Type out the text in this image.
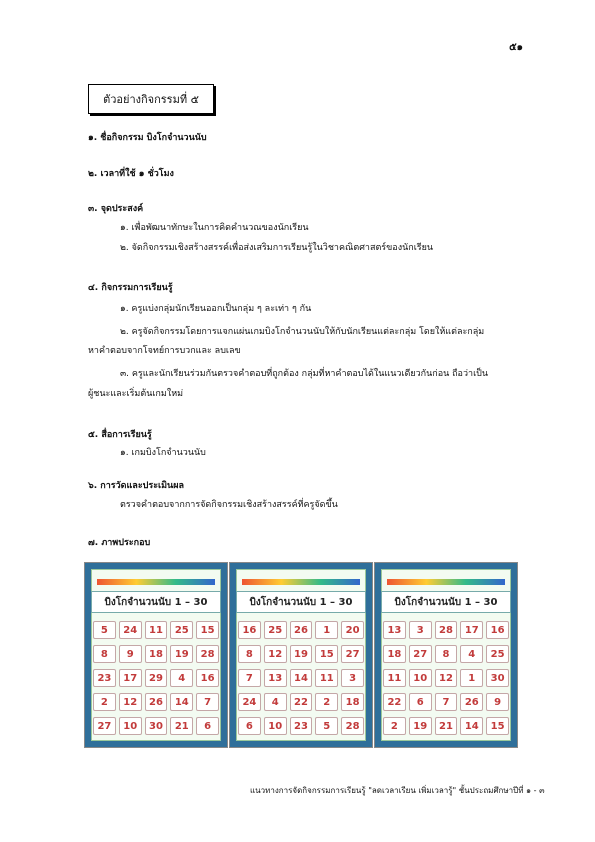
๕๑
ตัวอย่างกิจกรรมที่ ๕
๑. ชื่อกิจกรรม บิงโกจำนวนนับ
๒. เวลาที่ใช้ ๑ ชั่วโมง
๓. จุดประสงค์
๑. เพื่อพัฒนาทักษะในการคิดคำนวณของนักเรียน
๒. จัดกิจกรรมเชิงสร้างสรรค์เพื่อส่งเสริมการเรียนรู้ในวิชาคณิตศาสตร์ของนักเรียน
๔. กิจกรรมการเรียนรู้
๑. ครูแบ่งกลุ่มนักเรียนออกเป็นกลุ่ม ๆ ละเท่า ๆ กัน
๒. ครูจัดกิจกรรมโดยการแจกแผ่นเกมบิงโกจำนวนนับให้กับนักเรียนแต่ละกลุ่ม โดยให้แต่ละกลุ่ม
หาคำตอบจากโจทย์การบวกและ ลบเลข
๓. ครูและนักเรียนร่วมกันตรวจคำตอบที่ถูกต้อง กลุ่มที่หาคำตอบได้ในแนวเดียวกันก่อน ถือว่าเป็น
ผู้ชนะและเริ่มต้นเกมใหม่
๕. สื่อการเรียนรู้
๑. เกมบิงโกจำนวนนับ
๖. การวัดและประเมินผล
ตรวจคำตอบจากการจัดกิจกรรมเชิงสร้างสรรค์ที่ครูจัดขึ้น
๗. ภาพประกอบ
บิงโกจำนวนนับ 1 – 30
5	24	11	25	15
8	9	18	19	28
23	17	29	4	16
2	12	26	14	7
27	10	30	21	6
บิงโกจำนวนนับ 1 – 30
16	25	26	1	20
8	12	19	15	27
7	13	14	11	3
24	4	22	2	18
6	10	23	5	28
บิงโกจำนวนนับ 1 – 30
13	3	28	17	16
18	27	8	4	25
11	10	12	1	30
22	6	7	26	9
2	19	21	14	15
แนวทางการจัดกิจกรรมการเรียนรู้ "ลดเวลาเรียน เพิ่มเวลารู้" ชั้นประถมศึกษาปีที่ ๑ - ๓
